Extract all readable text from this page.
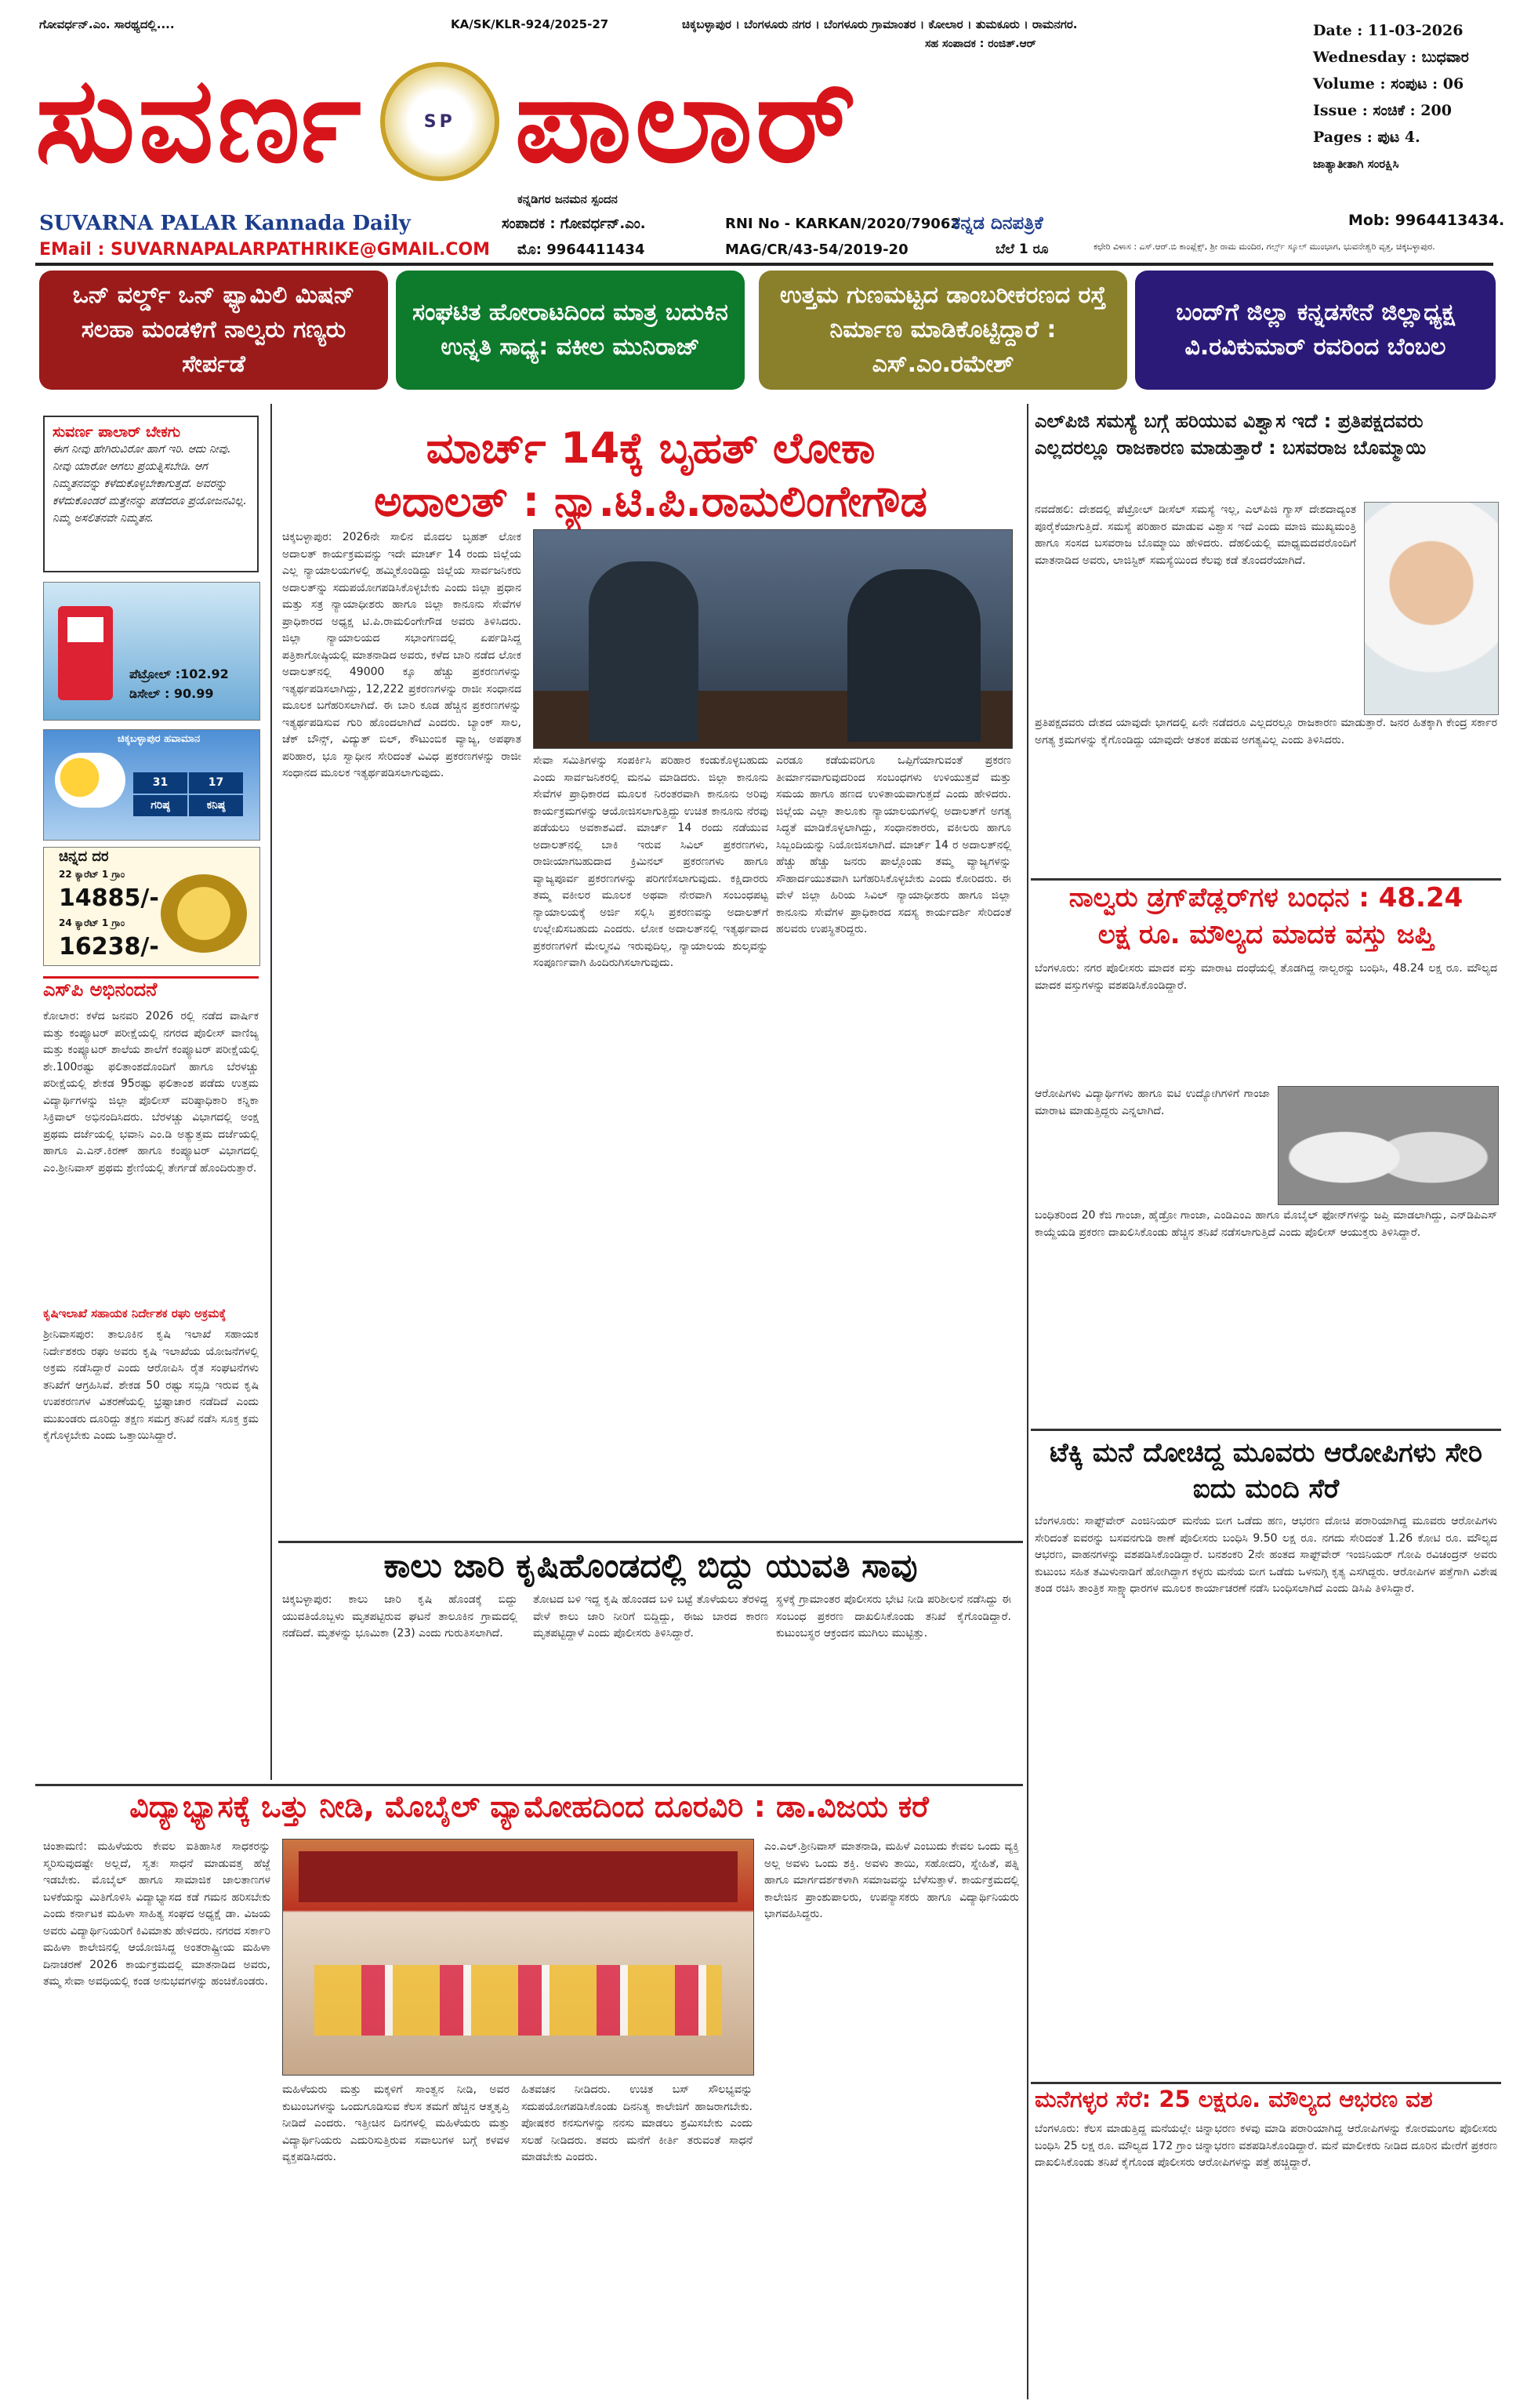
ಗೋವರ್ಧನ್.ಎಂ. ಸಾರಥ್ಯದಲ್ಲಿ....	KA/SK/KLR-924/2025-27	ಚಿಕ್ಕಬಳ್ಳಾಪುರ । ಬೆಂಗಳೂರು ನಗರ । ಬೆಂಗಳೂರು ಗ್ರಾಮಾಂತರ । ಕೋಲಾರ । ತುಮಕೂರು । ರಾಮನಗರ.
ಸಹ ಸಂಪಾದಕ : ರಂಜಿತ್.ಆರ್
Date : 11-03-2026
Wednesday : ಬುಧವಾರ
Volume : ಸಂಪುಟ : 06
Issue : ಸಂಚಿಕೆ : 200
Pages : ಪುಟ 4.
ಜಾತ್ಯಾತೀತಾಗಿ ಸಂರಕ್ಷಿಸಿ
ಸುವರ್ಣ	SP ಪಾಲಾರ್
ಕನ್ನಡಿಗರ ಜನಮನ ಸ್ಪಂದನ
SUVARNA PALAR Kannada Daily
EMail : SUVARNAPALARPATHRIKE@GMAIL.COM
ಸಂಪಾದಕ : ಗೋವರ್ಧನ್.ಎಂ.
ಮೊ: 9964411434
RNI No - KARKAN/2020/79062
MAG/CR/43-54/2019-20
ಕನ್ನಡ ದಿನಪತ್ರಿಕೆ
ಬೆಲೆ 1 ರೂ	ಕಛೇರಿ ವಿಳಾಸ : ಎಸ್.ಆರ್.ಬಿ ಕಾಂಪ್ಲೆಕ್ಸ್, ಶ್ರೀ ರಾಮ ಮಂದಿರ, ಗರ್ಲ್ಸ್ ಸ್ಕೂಲ್ ಮುಂಭಾಗ, ಭುವನೇಶ್ವರಿ ವೃತ್ತ, ಚಿಕ್ಕಬಳ್ಳಾಪುರ.
Mob: 9964413434.
ಒನ್ ವರ್ಲ್ಡ್ ಒನ್ ಫ್ಯಾಮಿಲಿ ಮಿಷನ್ ಸಲಹಾ ಮಂಡಳಿಗೆ ನಾಲ್ವರು ಗಣ್ಯರು ಸೇರ್ಪಡೆ
ಸಂಘಟಿತ ಹೋರಾಟದಿಂದ ಮಾತ್ರ ಬದುಕಿನ ಉನ್ನತಿ ಸಾಧ್ಯ: ವಕೀಲ ಮುನಿರಾಜ್
ಉತ್ತಮ ಗುಣಮಟ್ಟದ ಡಾಂಬರೀಕರಣದ ರಸ್ತೆ ನಿರ್ಮಾಣ ಮಾಡಿಕೊಟ್ಟಿದ್ದಾರೆ : ಎಸ್.ಎಂ.ರಮೇಶ್
ಬಂದ್‌ಗೆ ಜಿಲ್ಲಾ ಕನ್ನಡಸೇನೆ ಜಿಲ್ಲಾಧ್ಯಕ್ಷ ವಿ.ರವಿಕುಮಾರ್ ರವರಿಂದ ಬೆಂಬಲ
ಸುವರ್ಣ ಪಾಲಾರ್ ಬೇಕಗು
ಈಗ ನೀವು ಹೇಗಿರುವಿರೋ ಹಾಗೆ ಇರಿ. ಆದು ನೀವು. ನೀವು ಯಾರೋ ಆಗಲು ಪ್ರಯತ್ನಿಸಬೇಡಿ. ಆಗ ನಿಮ್ಮತನವನ್ನು ಕಳೆದುಕೊಳ್ಳಬೇಕಾಗುತ್ತದೆ. ಅವರನ್ನು ಕಳೆದುಕೊಂಡರೆ ಮತ್ತೇನನ್ನು ಪಡೆದರೂ ಪ್ರಯೋಜನವಿಲ್ಲ. ನಿಮ್ಮ ಅಸಲಿತನವೇ ನಿಮ್ಮತನ.
ಪೆಟ್ರೋಲ್ :102.92
ಡಿಸೇಲ್ : 90.99
ಚಿಕ್ಕಬಳ್ಳಾಪುರ ಹವಾಮಾನ
31	17
ಗರಿಷ್ಠ	ಕನಿಷ್ಠ
ಚಿನ್ನದ ದರ
22 ಕ್ಯಾರೆಟ್ 1 ಗ್ರಾಂ
14885/-
24 ಕ್ಯಾರೆಟ್ 1 ಗ್ರಾಂ
16238/-
ಎಸ್‌ಪಿ ಅಭಿನಂದನೆ
ಕೋಲಾರ: ಕಳೆದ ಜನವರಿ 2026 ರಲ್ಲಿ ನಡೆದ ವಾರ್ಷಿಕ ಮತ್ತು ಕಂಪ್ಯೂಟರ್ ಪರೀಕ್ಷೆಯಲ್ಲಿ ನಗರದ ಪೊಲೀಸ್ ವಾಣಿಜ್ಯ ಮತ್ತು ಕಂಪ್ಯೂಟರ್ ಶಾಲೆಯ ಶಾಲೆಗೆ ಕಂಪ್ಯೂಟರ್ ಪರೀಕ್ಷೆಯಲ್ಲಿ ಶೇ.100ರಷ್ಟು ಫಲಿತಾಂಶದೊಂದಿಗೆ ಹಾಗೂ ಬೆರಳಚ್ಚು ಪರೀಕ್ಷೆಯಲ್ಲಿ ಶೇಕಡ 95ರಷ್ಟು ಫಲಿತಾಂಶ ಪಡೆದು ಉತ್ತಮ ವಿದ್ಯಾರ್ಥಿಗಳನ್ನು ಜಿಲ್ಲಾ ಪೊಲೀಸ್ ವರಿಷ್ಠಾಧಿಕಾರಿ ಕನ್ನಿಕಾ ಸಿಕ್ರಿವಾಲ್ ಅಭಿನಂದಿಸಿದರು. ಬೆರಳಚ್ಚು ವಿಭಾಗದಲ್ಲಿ ಅಂಕ್ಷ ಪ್ರಥಮ ದರ್ಜೆಯಲ್ಲಿ ಭವಾನಿ ಎಂ.ಡಿ ಅತ್ಯುತ್ತಮ ದರ್ಜೆಯಲ್ಲಿ ಹಾಗೂ ಎ.ಎನ್.ಕಿರಣ್ ಹಾಗೂ ಕಂಪ್ಯೂಟರ್ ವಿಭಾಗದಲ್ಲಿ ಎಂ.ಶ್ರೀನಿವಾಸ್ ಪ್ರಥಮ ಶ್ರೇಣಿಯಲ್ಲಿ ತೇರ್ಗಡೆ ಹೊಂದಿರುತ್ತಾರೆ.
ಕೃಷಿಇಲಾಖೆ ಸಹಾಯಕ ನಿರ್ದೇಶಕ ರಘು ಅಕ್ರಮಕ್ಕೆ
ಶ್ರೀನಿವಾಸಪುರ: ತಾಲೂಕಿನ ಕೃಷಿ ಇಲಾಖೆ ಸಹಾಯಕ ನಿರ್ದೇಶಕರು ರಘು ಅವರು ಕೃಷಿ ಇಲಾಖೆಯ ಯೋಜನೆಗಳಲ್ಲಿ ಅಕ್ರಮ ನಡೆಸಿದ್ದಾರೆ ಎಂದು ಆರೋಪಿಸಿ ರೈತ ಸಂಘಟನೆಗಳು ತನಿಖೆಗೆ ಆಗ್ರಹಿಸಿವೆ. ಶೇಕಡ 50 ರಷ್ಟು ಸಬ್ಸಿಡಿ ಇರುವ ಕೃಷಿ ಉಪಕರಣಗಳ ವಿತರಣೆಯಲ್ಲಿ ಭ್ರಷ್ಟಾಚಾರ ನಡೆದಿದೆ ಎಂದು ಮುಖಂಡರು ದೂರಿದ್ದು ತಕ್ಷಣ ಸಮಗ್ರ ತನಿಖೆ ನಡೆಸಿ ಸೂಕ್ತ ಕ್ರಮ ಕೈಗೊಳ್ಳಬೇಕು ಎಂದು ಒತ್ತಾಯಿಸಿದ್ದಾರೆ.
ಮಾರ್ಚ್ 14ಕ್ಕೆ ಬೃಹತ್ ಲೋಕಾ
ಅದಾಲತ್ : ನ್ಯಾ.ಟಿ.ಪಿ.ರಾಮಲಿಂಗೇಗೌಡ
ಚಿಕ್ಕಬಳ್ಳಾಪುರ: 2026ನೇ ಸಾಲಿನ ಮೊದಲ ಬೃಹತ್ ಲೋಕ ಅದಾಲತ್ ಕಾರ್ಯಕ್ರಮವನ್ನು ಇದೇ ಮಾರ್ಚ್ 14 ರಂದು ಜಿಲ್ಲೆಯ ಎಲ್ಲ ನ್ಯಾಯಾಲಯಗಳಲ್ಲಿ ಹಮ್ಮಿಕೊಂಡಿದ್ದು ಜಿಲ್ಲೆಯ ಸಾರ್ವಜನಿಕರು ಅದಾಲತ್‌ನ್ನು ಸದುಪಯೋಗಪಡಿಸಿಕೊಳ್ಳಬೇಕು ಎಂದು ಜಿಲ್ಲಾ ಪ್ರಧಾನ ಮತ್ತು ಸತ್ರ ನ್ಯಾಯಾಧೀಶರು ಹಾಗೂ ಜಿಲ್ಲಾ ಕಾನೂನು ಸೇವೆಗಳ ಪ್ರಾಧಿಕಾರದ ಅಧ್ಯಕ್ಷ ಟಿ.ಪಿ.ರಾಮಲಿಂಗೇಗೌಡ ಅವರು ತಿಳಿಸಿದರು. ಜಿಲ್ಲಾ ನ್ಯಾಯಾಲಯದ ಸಭಾಂಗಣದಲ್ಲಿ ಏರ್ಪಡಿಸಿದ್ದ ಪತ್ರಿಕಾಗೋಷ್ಠಿಯಲ್ಲಿ ಮಾತನಾಡಿದ ಅವರು, ಕಳೆದ ಬಾರಿ ನಡೆದ ಲೋಕ ಅದಾಲತ್‌ನಲ್ಲಿ 49000 ಕ್ಕೂ ಹೆಚ್ಚು ಪ್ರಕರಣಗಳನ್ನು ಇತ್ಯರ್ಥಪಡಿಸಲಾಗಿದ್ದು, 12,222 ಪ್ರಕರಣಗಳನ್ನು ರಾಜೀ ಸಂಧಾನದ ಮೂಲಕ ಬಗೆಹರಿಸಲಾಗಿದೆ. ಈ ಬಾರಿ ಕೂಡ ಹೆಚ್ಚಿನ ಪ್ರಕರಣಗಳನ್ನು ಇತ್ಯರ್ಥಪಡಿಸುವ ಗುರಿ ಹೊಂದಲಾಗಿದೆ ಎಂದರು. ಬ್ಯಾಂಕ್ ಸಾಲ, ಚೆಕ್ ಬೌನ್ಸ್, ವಿದ್ಯುತ್ ಬಿಲ್, ಕೌಟುಂಬಿಕ ವ್ಯಾಜ್ಯ, ಅಪಘಾತ ಪರಿಹಾರ, ಭೂ ಸ್ವಾಧೀನ ಸೇರಿದಂತೆ ವಿವಿಧ ಪ್ರಕರಣಗಳನ್ನು ರಾಜೀ ಸಂಧಾನದ ಮೂಲಕ ಇತ್ಯರ್ಥಪಡಿಸಲಾಗುವುದು.
ಸೇವಾ ಸಮಿತಿಗಳನ್ನು ಸಂಪರ್ಕಿಸಿ ಪರಿಹಾರ ಕಂಡುಕೊಳ್ಳಬಹುದು ಎಂದು ಸಾರ್ವಜನಿಕರಲ್ಲಿ ಮನವಿ ಮಾಡಿದರು. ಜಿಲ್ಲಾ ಕಾನೂನು ಸೇವೆಗಳ ಪ್ರಾಧಿಕಾರದ ಮೂಲಕ ನಿರಂತರವಾಗಿ ಕಾನೂನು ಅರಿವು ಕಾರ್ಯಕ್ರಮಗಳನ್ನು ಆಯೋಜಿಸಲಾಗುತ್ತಿದ್ದು ಉಚಿತ ಕಾನೂನು ನೆರವು ಪಡೆಯಲು ಅವಕಾಶವಿದೆ. ಮಾರ್ಚ್ 14 ರಂದು ನಡೆಯುವ ಅದಾಲತ್‌ನಲ್ಲಿ ಬಾಕಿ ಇರುವ ಸಿವಿಲ್ ಪ್ರಕರಣಗಳು, ರಾಜೀಯಾಗಬಹುದಾದ ಕ್ರಿಮಿನಲ್ ಪ್ರಕರಣಗಳು ಹಾಗೂ ವ್ಯಾಜ್ಯಪೂರ್ವ ಪ್ರಕರಣಗಳನ್ನು ಪರಿಗಣಿಸಲಾಗುವುದು. ಕಕ್ಷಿದಾರರು ತಮ್ಮ ವಕೀಲರ ಮೂಲಕ ಅಥವಾ ನೇರವಾಗಿ ಸಂಬಂಧಪಟ್ಟ ನ್ಯಾಯಾಲಯಕ್ಕೆ ಅರ್ಜಿ ಸಲ್ಲಿಸಿ ಪ್ರಕರಣವನ್ನು ಅದಾಲತ್‌ಗೆ ಉಲ್ಲೇಖಿಸಬಹುದು ಎಂದರು. ಲೋಕ ಅದಾಲತ್‌ನಲ್ಲಿ ಇತ್ಯರ್ಥವಾದ ಪ್ರಕರಣಗಳಿಗೆ ಮೇಲ್ಮನವಿ ಇರುವುದಿಲ್ಲ, ನ್ಯಾಯಾಲಯ ಶುಲ್ಕವನ್ನು ಸಂಪೂರ್ಣವಾಗಿ ಹಿಂದಿರುಗಿಸಲಾಗುವುದು.
ಎರಡೂ ಕಡೆಯವರಿಗೂ ಒಪ್ಪಿಗೆಯಾಗುವಂತೆ ಪ್ರಕರಣ ತೀರ್ಮಾನವಾಗುವುದರಿಂದ ಸಂಬಂಧಗಳು ಉಳಿಯುತ್ತವೆ ಮತ್ತು ಸಮಯ ಹಾಗೂ ಹಣದ ಉಳಿತಾಯವಾಗುತ್ತದೆ ಎಂದು ಹೇಳಿದರು. ಜಿಲ್ಲೆಯ ಎಲ್ಲಾ ತಾಲೂಕು ನ್ಯಾಯಾಲಯಗಳಲ್ಲಿ ಅದಾಲತ್‌ಗೆ ಅಗತ್ಯ ಸಿದ್ಧತೆ ಮಾಡಿಕೊಳ್ಳಲಾಗಿದ್ದು, ಸಂಧಾನಕಾರರು, ವಕೀಲರು ಹಾಗೂ ಸಿಬ್ಬಂದಿಯನ್ನು ನಿಯೋಜಿಸಲಾಗಿದೆ. ಮಾರ್ಚ್ 14 ರ ಅದಾಲತ್‌ನಲ್ಲಿ ಹೆಚ್ಚು ಹೆಚ್ಚು ಜನರು ಪಾಲ್ಗೊಂಡು ತಮ್ಮ ವ್ಯಾಜ್ಯಗಳನ್ನು ಸೌಹಾರ್ದಯುತವಾಗಿ ಬಗೆಹರಿಸಿಕೊಳ್ಳಬೇಕು ಎಂದು ಕೋರಿದರು. ಈ ವೇಳೆ ಜಿಲ್ಲಾ ಹಿರಿಯ ಸಿವಿಲ್ ನ್ಯಾಯಾಧೀಶರು ಹಾಗೂ ಜಿಲ್ಲಾ ಕಾನೂನು ಸೇವೆಗಳ ಪ್ರಾಧಿಕಾರದ ಸದಸ್ಯ ಕಾರ್ಯದರ್ಶಿ ಸೇರಿದಂತೆ ಹಲವರು ಉಪಸ್ಥಿತರಿದ್ದರು.
ಕಾಲು ಜಾರಿ ಕೃಷಿಹೊಂಡದಲ್ಲಿ ಬಿದ್ದು ಯುವತಿ ಸಾವು
ಚಿಕ್ಕಬಳ್ಳಾಪುರ: ಕಾಲು ಜಾರಿ ಕೃಷಿ ಹೊಂಡಕ್ಕೆ ಬಿದ್ದು ಯುವತಿಯೊಬ್ಬಳು ಮೃತಪಟ್ಟಿರುವ ಘಟನೆ ತಾಲೂಕಿನ ಗ್ರಾಮದಲ್ಲಿ ನಡೆದಿದೆ. ಮೃತಳನ್ನು ಭೂಮಿಕಾ (23) ಎಂದು ಗುರುತಿಸಲಾಗಿದೆ.
ತೋಟದ ಬಳಿ ಇದ್ದ ಕೃಷಿ ಹೊಂಡದ ಬಳಿ ಬಟ್ಟೆ ತೊಳೆಯಲು ತೆರಳಿದ್ದ ವೇಳೆ ಕಾಲು ಜಾರಿ ನೀರಿಗೆ ಬಿದ್ದಿದ್ದು, ಈಜು ಬಾರದ ಕಾರಣ ಮೃತಪಟ್ಟಿದ್ದಾಳೆ ಎಂದು ಪೊಲೀಸರು ತಿಳಿಸಿದ್ದಾರೆ.
ಸ್ಥಳಕ್ಕೆ ಗ್ರಾಮಾಂತರ ಪೊಲೀಸರು ಭೇಟಿ ನೀಡಿ ಪರಿಶೀಲನೆ ನಡೆಸಿದ್ದು ಈ ಸಂಬಂಧ ಪ್ರಕರಣ ದಾಖಲಿಸಿಕೊಂಡು ತನಿಖೆ ಕೈಗೊಂಡಿದ್ದಾರೆ. ಕುಟುಂಬಸ್ಥರ ಆಕ್ರಂದನ ಮುಗಿಲು ಮುಟ್ಟಿತ್ತು.
ವಿದ್ಯಾಭ್ಯಾಸಕ್ಕೆ ಒತ್ತು ನೀಡಿ, ಮೊಬೈಲ್ ವ್ಯಾಮೋಹದಿಂದ ದೂರವಿರಿ : ಡಾ.ವಿಜಯ ಕರೆ
ಚಿಂತಾಮಣಿ: ಮಹಿಳೆಯರು ಕೇವಲ ಐತಿಹಾಸಿಕ ಸಾಧಕರನ್ನು ಸ್ಮರಿಸುವುದಷ್ಟೇ ಅಲ್ಲದೆ, ಸ್ವತಃ ಸಾಧನೆ ಮಾಡುವತ್ತ ಹೆಜ್ಜೆ ಇಡಬೇಕು. ಮೊಬೈಲ್ ಹಾಗೂ ಸಾಮಾಜಿಕ ಜಾಲತಾಣಗಳ ಬಳಕೆಯನ್ನು ಮಿತಿಗೊಳಿಸಿ ವಿದ್ಯಾಭ್ಯಾಸದ ಕಡೆ ಗಮನ ಹರಿಸಬೇಕು ಎಂದು ಕರ್ನಾಟಕ ಮಹಿಳಾ ಸಾಹಿತ್ಯ ಸಂಘದ ಅಧ್ಯಕ್ಷೆ ಡಾ. ವಿಜಯ ಅವರು ವಿದ್ಯಾರ್ಥಿನಿಯರಿಗೆ ಕಿವಿಮಾತು ಹೇಳಿದರು. ನಗರದ ಸರ್ಕಾರಿ ಮಹಿಳಾ ಕಾಲೇಜಿನಲ್ಲಿ ಆಯೋಜಿಸಿದ್ದ ಅಂತರಾಷ್ಟ್ರೀಯ ಮಹಿಳಾ ದಿನಾಚರಣೆ 2026 ಕಾರ್ಯಕ್ರಮದಲ್ಲಿ ಮಾತನಾಡಿದ ಅವರು, ತಮ್ಮ ಸೇವಾ ಅವಧಿಯಲ್ಲಿ ಕಂಡ ಅನುಭವಗಳನ್ನು ಹಂಚಿಕೊಂಡರು.
ಮಹಿಳೆಯರು ಮತ್ತು ಮಕ್ಕಳಿಗೆ ಸಾಂತ್ವನ ನೀಡಿ, ಅವರ ಕುಟುಂಬಗಳನ್ನು ಒಂದುಗೂಡಿಸುವ ಕೆಲಸ ತಮಗೆ ಹೆಚ್ಚಿನ ಆತ್ಮತೃಪ್ತಿ ನೀಡಿದೆ ಎಂದರು. ಇತ್ತೀಚಿನ ದಿನಗಳಲ್ಲಿ ಮಹಿಳೆಯರು ಮತ್ತು ವಿದ್ಯಾರ್ಥಿನಿಯರು ಎದುರಿಸುತ್ತಿರುವ ಸವಾಲುಗಳ ಬಗ್ಗೆ ಕಳವಳ ವ್ಯಕ್ತಪಡಿಸಿದರು.
ಹಿತವಚನ ನೀಡಿದರು. ಉಚಿತ ಬಸ್ ಸೌಲಭ್ಯವನ್ನು ಸದುಪಯೋಗಪಡಿಸಿಕೊಂಡು ದಿನನಿತ್ಯ ಕಾಲೇಜಿಗೆ ಹಾಜರಾಗಬೇಕು. ಪೋಷಕರ ಕನಸುಗಳನ್ನು ನನಸು ಮಾಡಲು ಶ್ರಮಿಸಬೇಕು ಎಂದು ಸಲಹೆ ನೀಡಿದರು. ತವರು ಮನೆಗೆ ಕೀರ್ತಿ ತರುವಂತೆ ಸಾಧನೆ ಮಾಡಬೇಕು ಎಂದರು.
ಎಂ.ಎಲ್.ಶ್ರೀನಿವಾಸ್ ಮಾತನಾಡಿ, ಮಹಿಳೆ ಎಂಬುದು ಕೇವಲ ಒಂದು ವ್ಯಕ್ತಿ ಅಲ್ಲ ಅವಳು ಒಂದು ಶಕ್ತಿ. ಅವಳು ತಾಯಿ, ಸಹೋದರಿ, ಸ್ನೇಹಿತೆ, ಪತ್ನಿ ಹಾಗೂ ಮಾರ್ಗದರ್ಶಕಳಾಗಿ ಸಮಾಜವನ್ನು ಬೆಳೆಸುತ್ತಾಳೆ. ಕಾರ್ಯಕ್ರಮದಲ್ಲಿ ಕಾಲೇಜಿನ ಪ್ರಾಂಶುಪಾಲರು, ಉಪನ್ಯಾಸಕರು ಹಾಗೂ ವಿದ್ಯಾರ್ಥಿನಿಯರು ಭಾಗವಹಿಸಿದ್ದರು.
ಎಲ್‌ಪಿಜಿ ಸಮಸ್ಯೆ ಬಗ್ಗೆ ಹರಿಯುವ ವಿಶ್ವಾಸ ಇದೆ : ಪ್ರತಿಪಕ್ಷದವರು ಎಲ್ಲದರಲ್ಲೂ ರಾಜಕಾರಣ ಮಾಡುತ್ತಾರೆ : ಬಸವರಾಜ ಬೊಮ್ಮಾಯಿ
ನವದೆಹಲಿ: ದೇಶದಲ್ಲಿ ಪೆಟ್ರೋಲ್ ಡೀಸೆಲ್ ಸಮಸ್ಯೆ ಇಲ್ಲ, ಎಲ್‌ಪಿಜಿ ಗ್ಯಾಸ್ ದೇಶದಾದ್ಯಂತ ಪೂರೈಕೆಯಾಗುತ್ತಿದೆ. ಸಮಸ್ಯೆ ಪರಿಹಾರ ಮಾಡುವ ವಿಶ್ವಾಸ ಇದೆ ಎಂದು ಮಾಜಿ ಮುಖ್ಯಮಂತ್ರಿ ಹಾಗೂ ಸಂಸದ ಬಸವರಾಜ ಬೊಮ್ಮಾಯಿ ಹೇಳಿದರು. ದೆಹಲಿಯಲ್ಲಿ ಮಾಧ್ಯಮದವರೊಂದಿಗೆ ಮಾತನಾಡಿದ ಅವರು, ಲಾಜಿಸ್ಟಿಕ್ ಸಮಸ್ಯೆಯಿಂದ ಕೆಲವು ಕಡೆ ತೊಂದರೆಯಾಗಿದೆ.
ಪ್ರತಿಪಕ್ಷದವರು ದೇಶದ ಯಾವುದೇ ಭಾಗದಲ್ಲಿ ಏನೇ ನಡೆದರೂ ಎಲ್ಲದರಲ್ಲೂ ರಾಜಕಾರಣ ಮಾಡುತ್ತಾರೆ. ಜನರ ಹಿತಕ್ಕಾಗಿ ಕೇಂದ್ರ ಸರ್ಕಾರ ಅಗತ್ಯ ಕ್ರಮಗಳನ್ನು ಕೈಗೊಂಡಿದ್ದು ಯಾವುದೇ ಆತಂಕ ಪಡುವ ಅಗತ್ಯವಿಲ್ಲ ಎಂದು ತಿಳಿಸಿದರು.
ನಾಲ್ವರು ಡ್ರಗ್‌ಪೆಡ್ಲರ್‌ಗಳ ಬಂಧನ : 48.24
ಲಕ್ಷ ರೂ. ಮೌಲ್ಯದ ಮಾದಕ ವಸ್ತು ಜಪ್ತಿ
ಬೆಂಗಳೂರು: ನಗರ ಪೊಲೀಸರು ಮಾದಕ ವಸ್ತು ಮಾರಾಟ ದಂಧೆಯಲ್ಲಿ ತೊಡಗಿದ್ದ ನಾಲ್ವರನ್ನು ಬಂಧಿಸಿ, 48.24 ಲಕ್ಷ ರೂ. ಮೌಲ್ಯದ ಮಾದಕ ವಸ್ತುಗಳನ್ನು ವಶಪಡಿಸಿಕೊಂಡಿದ್ದಾರೆ.
ಆರೋಪಿಗಳು ವಿದ್ಯಾರ್ಥಿಗಳು ಹಾಗೂ ಐಟಿ ಉದ್ಯೋಗಿಗಳಿಗೆ ಗಾಂಜಾ ಮಾರಾಟ ಮಾಡುತ್ತಿದ್ದರು ಎನ್ನಲಾಗಿದೆ.
ಬಂಧಿತರಿಂದ 20 ಕೆಜಿ ಗಾಂಜಾ, ಹೈಡ್ರೋ ಗಾಂಜಾ, ಎಂಡಿಎಂಎ ಹಾಗೂ ಮೊಬೈಲ್ ಫೋನ್‌ಗಳನ್ನು ಜಪ್ತಿ ಮಾಡಲಾಗಿದ್ದು, ಎನ್‌ಡಿಪಿಎಸ್ ಕಾಯ್ದೆಯಡಿ ಪ್ರಕರಣ ದಾಖಲಿಸಿಕೊಂಡು ಹೆಚ್ಚಿನ ತನಿಖೆ ನಡೆಸಲಾಗುತ್ತಿದೆ ಎಂದು ಪೊಲೀಸ್ ಆಯುಕ್ತರು ತಿಳಿಸಿದ್ದಾರೆ.
ಟೆಕ್ಕಿ ಮನೆ ದೋಚಿದ್ದ ಮೂವರು ಆರೋಪಿಗಳು ಸೇರಿ ಐದು ಮಂದಿ ಸೆರೆ
ಬೆಂಗಳೂರು: ಸಾಫ್ಟ್‌ವೇರ್ ಎಂಜಿನಿಯರ್ ಮನೆಯ ಬೀಗ ಒಡೆದು ಹಣ, ಆಭರಣ ದೋಚಿ ಪರಾರಿಯಾಗಿದ್ದ ಮೂವರು ಆರೋಪಿಗಳು ಸೇರಿದಂತೆ ಐವರನ್ನು ಬಸವನಗುಡಿ ಠಾಣೆ ಪೊಲೀಸರು ಬಂಧಿಸಿ 9.50 ಲಕ್ಷ ರೂ. ನಗದು ಸೇರಿದಂತೆ 1.26 ಕೋಟಿ ರೂ. ಮೌಲ್ಯದ ಆಭರಣ, ವಾಹನಗಳನ್ನು ವಶಪಡಿಸಿಕೊಂಡಿದ್ದಾರೆ. ಬನಶಂಕರಿ 2ನೇ ಹಂತದ ಸಾಫ್ಟ್‌ವೇರ್ ಇಂಜಿನಿಯರ್ ಗೋಪಿ ರವಿಚಂದ್ರನ್ ಅವರು ಕುಟುಂಬ ಸಹಿತ ತಮಿಳುನಾಡಿಗೆ ಹೋಗಿದ್ದಾಗ ಕಳ್ಳರು ಮನೆಯ ಬೀಗ ಒಡೆದು ಒಳನುಗ್ಗಿ ಕೃತ್ಯ ಎಸಗಿದ್ದರು. ಆರೋಪಿಗಳ ಪತ್ತೆಗಾಗಿ ವಿಶೇಷ ತಂಡ ರಚಿಸಿ ತಾಂತ್ರಿಕ ಸಾಕ್ಷ್ಯಾಧಾರಗಳ ಮೂಲಕ ಕಾರ್ಯಾಚರಣೆ ನಡೆಸಿ ಬಂಧಿಸಲಾಗಿದೆ ಎಂದು ಡಿಸಿಪಿ ತಿಳಿಸಿದ್ದಾರೆ.
ಮನೆಗಳ್ಳರ ಸೆರೆ: 25 ಲಕ್ಷರೂ. ಮೌಲ್ಯದ ಆಭರಣ ವಶ
ಬೆಂಗಳೂರು: ಕೆಲಸ ಮಾಡುತ್ತಿದ್ದ ಮನೆಯಲ್ಲೇ ಚಿನ್ನಾಭರಣ ಕಳವು ಮಾಡಿ ಪರಾರಿಯಾಗಿದ್ದ ಆರೋಪಿಗಳನ್ನು ಕೋರಮಂಗಲ ಪೊಲೀಸರು ಬಂಧಿಸಿ 25 ಲಕ್ಷ ರೂ. ಮೌಲ್ಯದ 172 ಗ್ರಾಂ ಚಿನ್ನಾಭರಣ ವಶಪಡಿಸಿಕೊಂಡಿದ್ದಾರೆ. ಮನೆ ಮಾಲೀಕರು ನೀಡಿದ ದೂರಿನ ಮೇರೆಗೆ ಪ್ರಕರಣ ದಾಖಲಿಸಿಕೊಂಡು ತನಿಖೆ ಕೈಗೊಂಡ ಪೊಲೀಸರು ಆರೋಪಿಗಳನ್ನು ಪತ್ತೆ ಹಚ್ಚಿದ್ದಾರೆ.
